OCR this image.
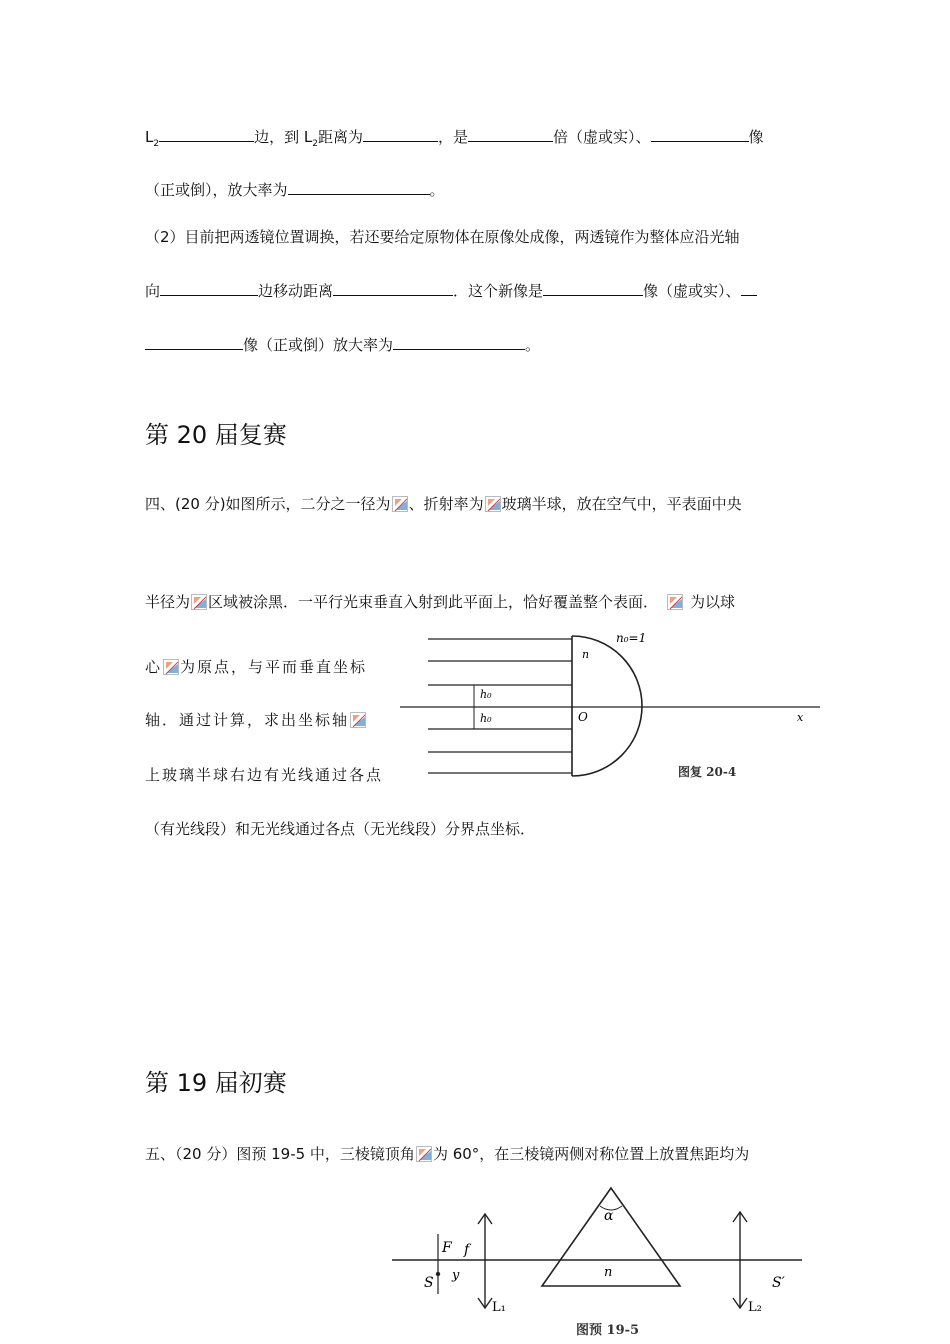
$L_2$	边，到 $L_2$距离为	，是	倍（虚或实）、	像
（正或倒），放大率为	。
（2）目前把两透镜位置调换，若还要给定原物体在原像处成像，两透镜作为整体应沿光轴
向	边移动距离	．这个新像是	像（虚或实）、
像（正或倒）放大率为	。
第 20 届复赛
四、(20 分)如图所示，二分之一径为 、折射率为 玻璃半球，放在空气中，平表面中央
半径为 区域被涂黑．一平行光束垂直入射到此平面上，恰好覆盖整个表面． 为以球
心 为原点，与平而垂直坐标
轴．通过计算，求出坐标轴
上玻璃半球右边有光线通过各点
（有光线段）和无光线通过各点（无光线段）分界点坐标．
n₀=1
n
h₀
h₀	O	x
图复 20-4
第 19 届初赛
五、（20 分）图预 19-5 中，三棱镜顶角 为 60°，在三棱镜两侧对称位置上放置焦距均为
F f
S y
L₁
n
α
S′
L₂
图预 19-5
